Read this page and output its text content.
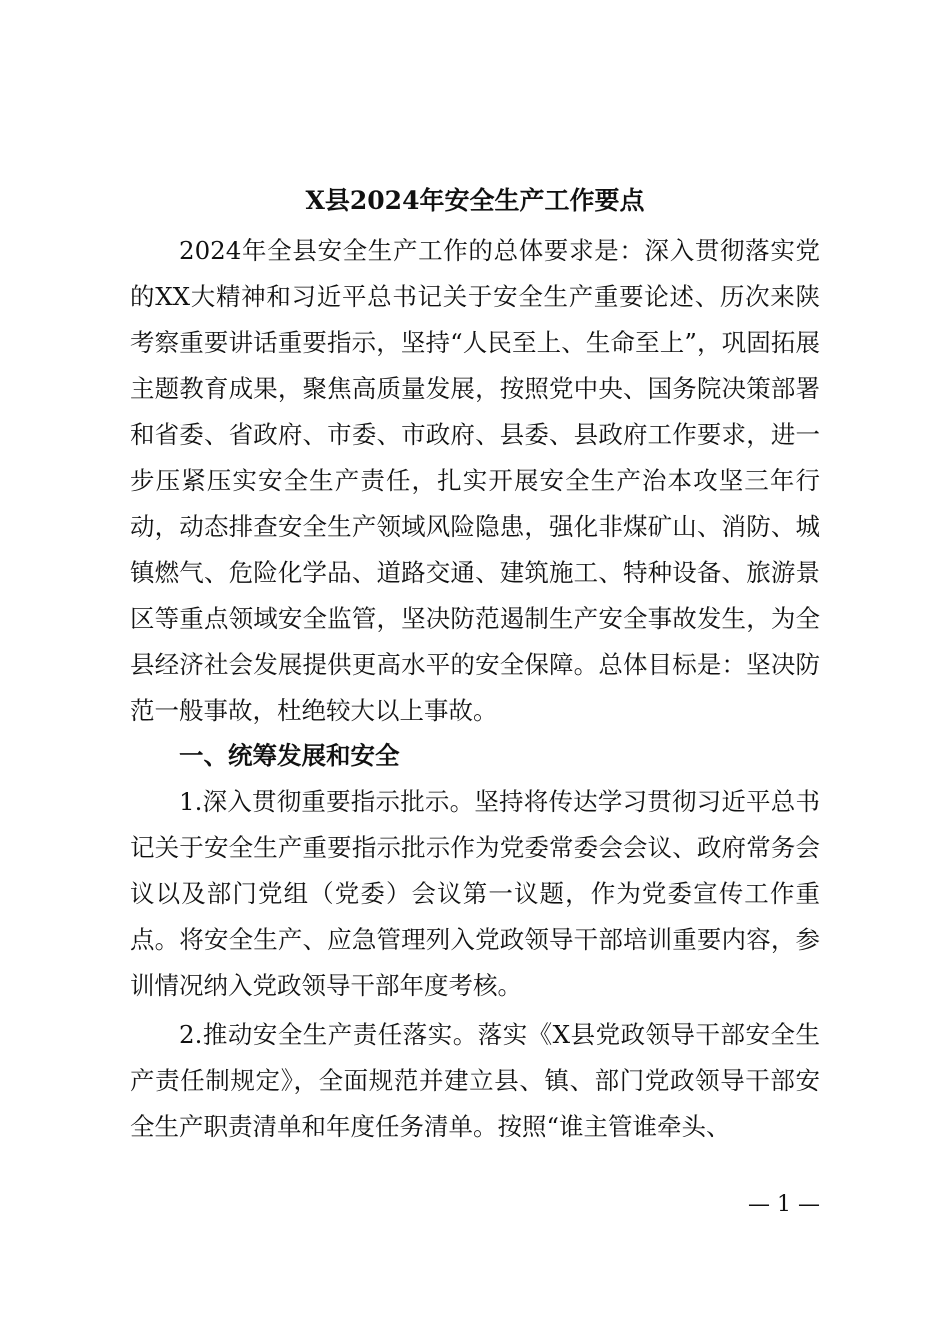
X县2024年安全生产工作要点

2024年全县安全生产工作的总体要求是：深入贯彻落实党的XX大精神和习近平总书记关于安全生产重要论述、历次来陕考察重要讲话重要指示，坚持“人民至上、生命至上”，巩固拓展主题教育成果，聚焦高质量发展，按照党中央、国务院决策部署和省委、省政府、市委、市政府、县委、县政府工作要求，进一步压紧压实安全生产责任，扎实开展安全生产治本攻坚三年行动，动态排查安全生产领域风险隐患，强化非煤矿山、消防、城镇燃气、危险化学品、道路交通、建筑施工、特种设备、旅游景区等重点领域安全监管，坚决防范遏制生产安全事故发生，为全县经济社会发展提供更高水平的安全保障。总体目标是：坚决防范一般事故，杜绝较大以上事故。

一、统筹发展和安全

1.深入贯彻重要指示批示。坚持将传达学习贯彻习近平总书记关于安全生产重要指示批示作为党委常委会会议、政府常务会议以及部门党组（党委）会议第一议题，作为党委宣传工作重点。将安全生产、应急管理列入党政领导干部培训重要内容，参训情况纳入党政领导干部年度考核。

2.推动安全生产责任落实。落实《X县党政领导干部安全生产责任制规定》，全面规范并建立县、镇、部门党政领导干部安全生产职责清单和年度任务清单。按照“谁主管谁牵头、

— 1 —
